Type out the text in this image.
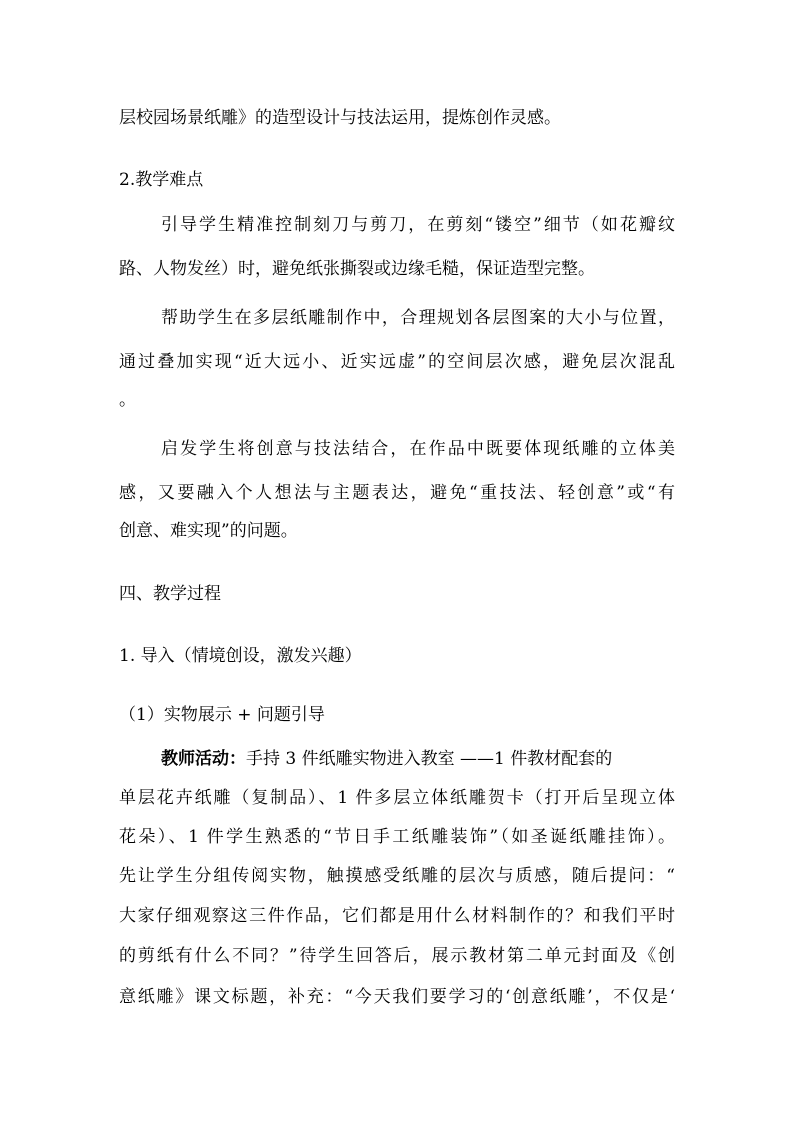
层校园场景纸雕》的造型设计与技法运用，提炼创作灵感。
2.教学难点
引导学生精准控制刻刀与剪刀，在剪刻“镂空”细节（如花瓣纹
路、人物发丝）时，避免纸张撕裂或边缘毛糙，保证造型完整。
帮助学生在多层纸雕制作中，合理规划各层图案的大小与位置，
通过叠加实现“近大远小、近实远虚”的空间层次感，避免层次混乱
。
启发学生将创意与技法结合，在作品中既要体现纸雕的立体美
感，又要融入个人想法与主题表达，避免“重技法、轻创意”或“有
创意、难实现”的问题。
四、教学过程
1. 导入（情境创设，激发兴趣）
（1）实物展示 + 问题引导
教师活动：手持 3 件纸雕实物进入教室 ——1 件教材配套的
单层花卉纸雕（复制品）、1 件多层立体纸雕贺卡（打开后呈现立体
花朵）、1 件学生熟悉的“节日手工纸雕装饰”（如圣诞纸雕挂饰）。
先让学生分组传阅实物，触摸感受纸雕的层次与质感，随后提问：“
大家仔细观察这三件作品，它们都是用什么材料制作的？和我们平时
的剪纸有什么不同？”待学生回答后，展示教材第二单元封面及《创
意纸雕》课文标题，补充：“今天我们要学习的‘创意纸雕’，不仅是‘
